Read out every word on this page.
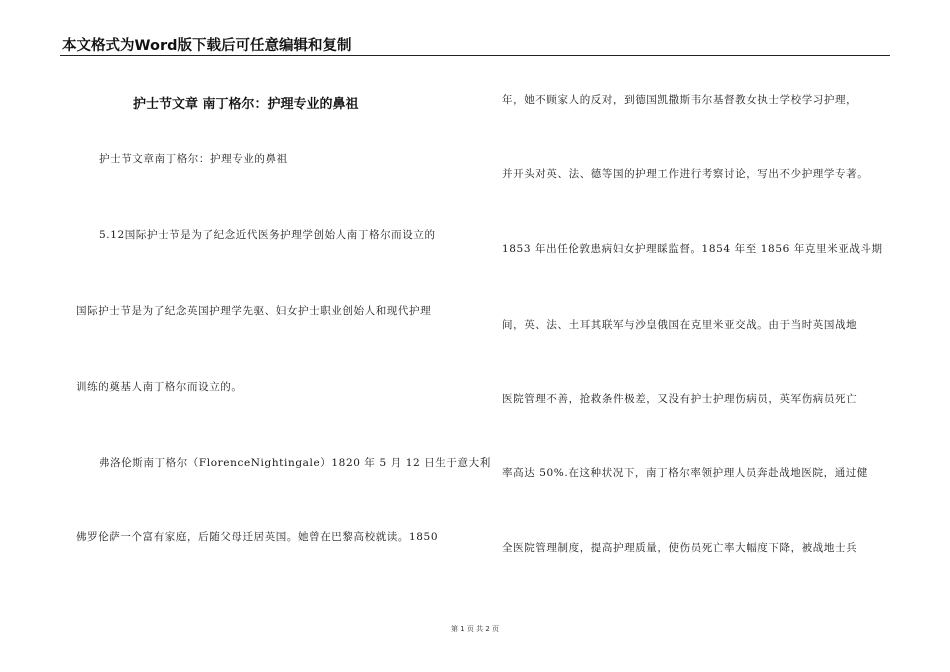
本文格式为Word版下载后可任意编辑和复制
护士节文章 南丁格尔：护理专业的鼻祖
护士节文章南丁格尔：护理专业的鼻祖
5.12国际护士节是为了纪念近代医务护理学创始人南丁格尔而设立的
国际护士节是为了纪念英国护理学先驱、妇女护士职业创始人和现代护理
训练的奠基人南丁格尔而设立的。
弗洛伦斯南丁格尔（FlorenceNightingale）1820 年 5 月 12 日生于意大利
佛罗伦萨一个富有家庭，后随父母迁居英国。她曾在巴黎高校就读。1850
年，她不顾家人的反对，到德国凯撒斯韦尔基督教女执士学校学习护理，
并开头对英、法、德等国的护理工作进行考察讨论，写出不少护理学专著。
1853 年出任伦敦患病妇女护理睬监督。1854 年至 1856 年克里米亚战斗期
间，英、法、土耳其联军与沙皇俄国在克里米亚交战。由于当时英国战地
医院管理不善，抢救条件极差，又没有护士护理伤病员，英军伤病员死亡
率高达 50%.在这种状况下，南丁格尔率领护理人员奔赴战地医院，通过健
全医院管理制度，提高护理质量，使伤员死亡率大幅度下降，被战地士兵
第 1 页 共 2 页
